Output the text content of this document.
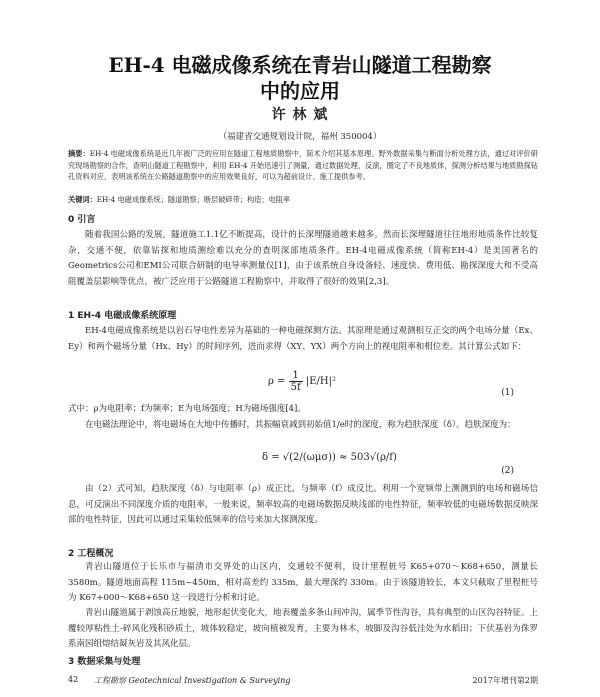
EH-4 电磁成像系统在青岩山隧道工程勘察
中的应用
许 林 斌
（福建省交通规划设计院，福州 350004）
摘要：EH-4 电磁成像系统是近几年被广泛的应用在隧道工程地质勘察中，简术介绍其基本原理、野外数据采集与断面分析处理方法，通过对评价研究现场勘察的合作，查明山隧道工程勘察中，利用 EH-4 开始迅速引了测量，通过数据处理、反演，圈定了不良地质体，探测分析结果与地质勘探钻孔资料对应，表明该系统在公路隧道勘察中的应用效果良好，可以为超前设计、施工提供参考。
关键词：EH-4 电磁成像系统；隧道勘察；断层破碎带；构造；电阻率
0 引言
随着我国公路的发展，隧道施工1.1亿不断提高，设计的长深埋隧道越来越多。然而长深埋隧道往往地形地质条件比较复杂，交通不便，依靠钻探和地质测绘难以充分的查明深部地质条件。EH-4电磁成像系统（简称EH-4）是美国著名的Geometrics公司和EMI公司联合研制的电导率测量仪[1]，由于该系统自身设备轻、速度快、费用低、勘探深度大和不受高阻覆盖层影响等优点，被广泛应用于公路隧道工程勘察中，并取得了很好的效果[2,3]。
1 EH-4 电磁成像系统原理
EH-4电磁成像系统是以岩石导电性差异为基础的一种电磁探测方法。其原理是通过观测相互正交的两个电场分量（Ex、Ey）和两个磁场分量（Hx、Hy）的时间序列，进而求得（XY、YX）两个方向上的视电阻率和相位差。其计算公式如下：
$\rho = \frac{1}{5f} |E/H|^2$
(1)
式中：ρ为电阻率；f为频率；E为电场强度；H为磁场强度[4]。
在电磁法理论中，将电磁场在大地中传播时，其振幅衰减到初始值1/e时的深度，称为趋肤深度（δ）。趋肤深度为：
δ = √(2/(ωμσ)) ≈ 503√(ρ/f)
(2)
由（2）式可知，趋肤深度（δ）与电阻率（ρ）成正比，与频率（f）成反比。利用一个宽频带上测测到的电场和磁场信息，可反演出不同深度介质的电阻率，一般来说，频率较高的电磁场数据反映浅部的电性特征，频率较低的电磁场数据反映深部的电性特征，因此可以通过采集较低频率的信号来加大探测深度。
2 工程概况
青岩山隧道位于长乐市与福清市交界处的山区内，交通较不便利，设计里程桩号 K65+070～K68+650，测量长 3580m。隧道地面高程 115m~450m，相对高差约 335m，最大埋深约 330m。由于该隧道较长，本文只截取了里程桩号为 K67+000～K68+650 这一段进行分析和讨论。
青岩山隧道属于剥蚀高丘地貌，地形起伏变化大，地表覆盖多条山间冲沟，属季节性沟谷，具有典型的山区沟谷特征。上覆较厚粘性土-碎风化残积砂质土，坡体较稳定，坡向植被发育，主要为林木，坡脚及沟谷低洼处为水稻田；下伏基岩为侏罗系南园组熔结凝灰岩及其风化层。
3 数据采集与处理
42 工程勘察 Geotechnical Investigation & Surveying	2017年增刊第2期
